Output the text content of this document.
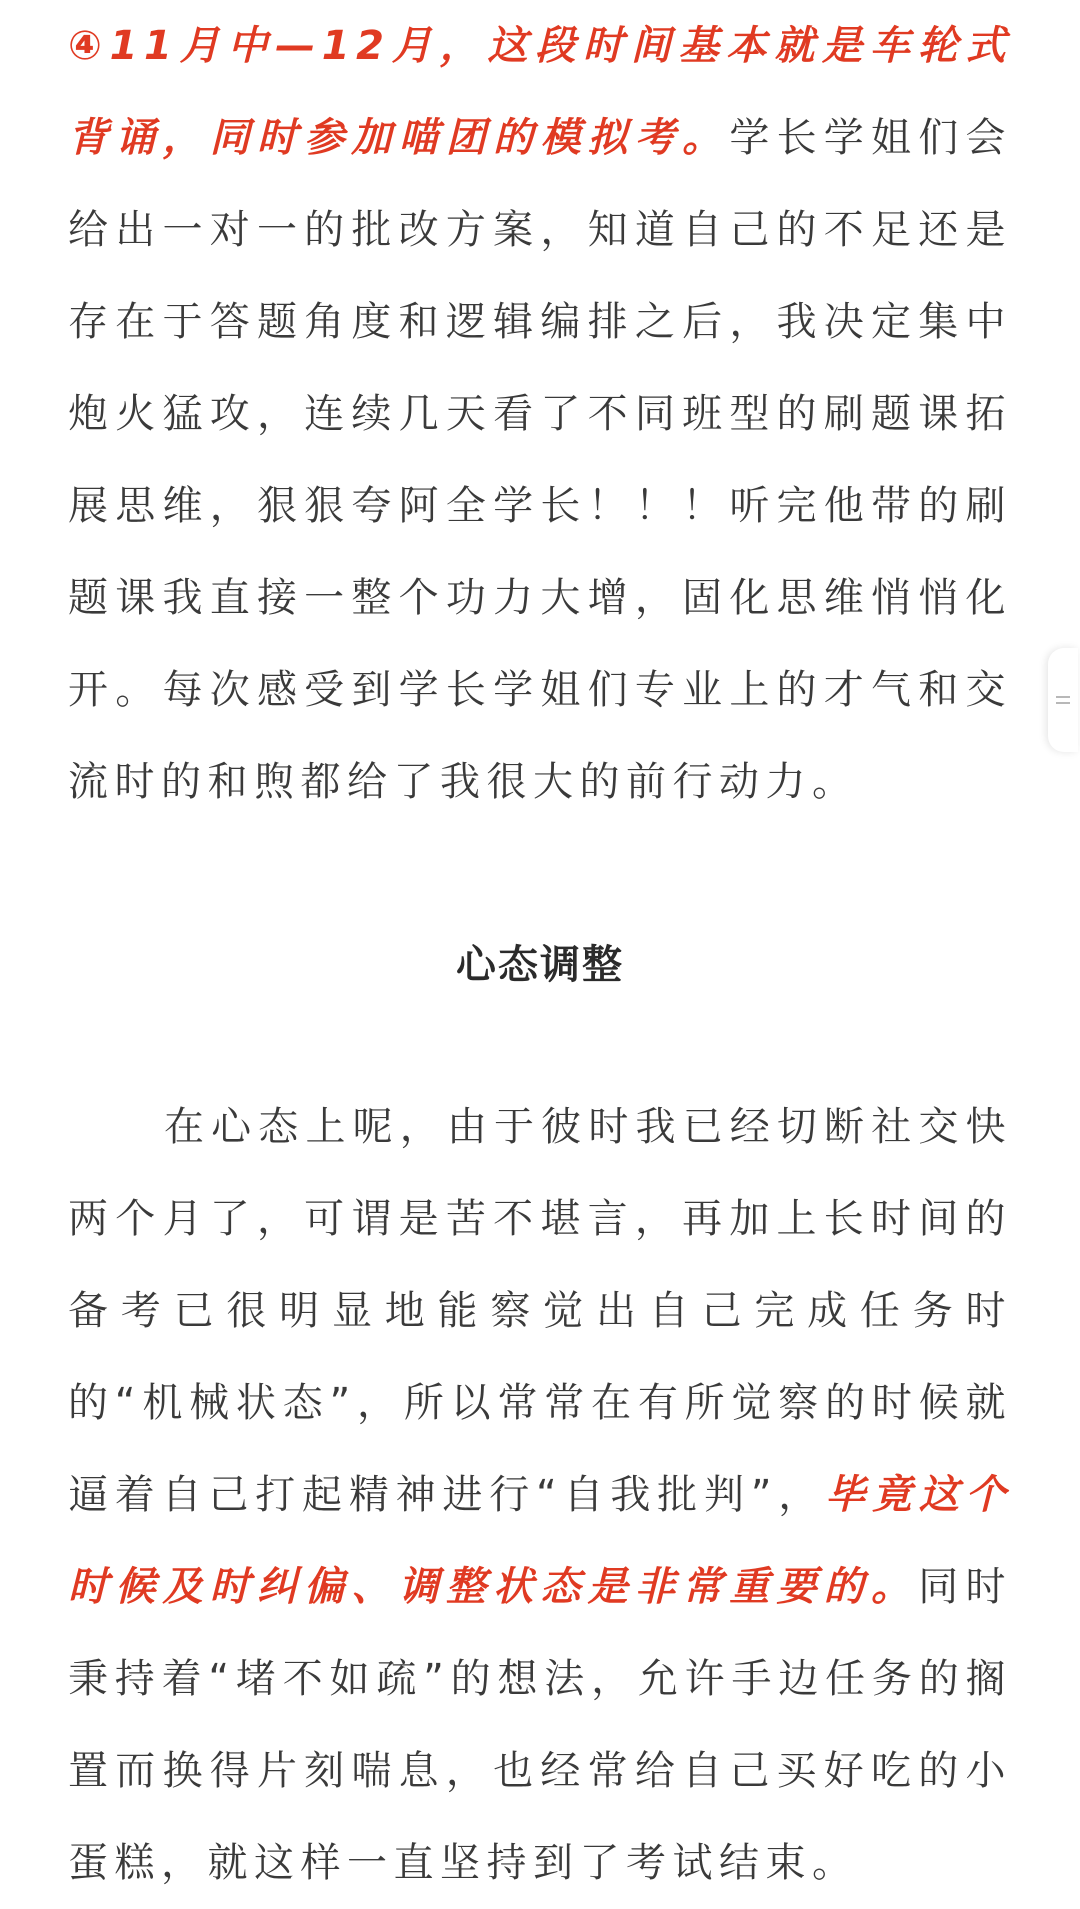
④11月中—12月，这段时间基本就是车轮式背诵，同时参加喵团的模拟考。学长学姐们会给出一对一的批改方案，知道自己的不足还是存在于答题角度和逻辑编排之后，我决定集中炮火猛攻，连续几天看了不同班型的刷题课拓展思维，狠狠夸阿全学长！！！听完他带的刷题课我直接一整个功力大增，固化思维悄悄化开。每次感受到学长学姐们专业上的才气和交流时的和煦都给了我很大的前行动力。

心态调整

在心态上呢，由于彼时我已经切断社交快两个月了，可谓是苦不堪言，再加上长时间的备考已很明显地能察觉出自己完成任务时的“机械状态”，所以常常在有所觉察的时候就逼着自己打起精神进行“自我批判”，毕竟这个时候及时纠偏、调整状态是非常重要的。同时秉持着“堵不如疏”的想法，允许手边任务的搁置而换得片刻喘息，也经常给自己买好吃的小蛋糕，就这样一直坚持到了考试结束。
